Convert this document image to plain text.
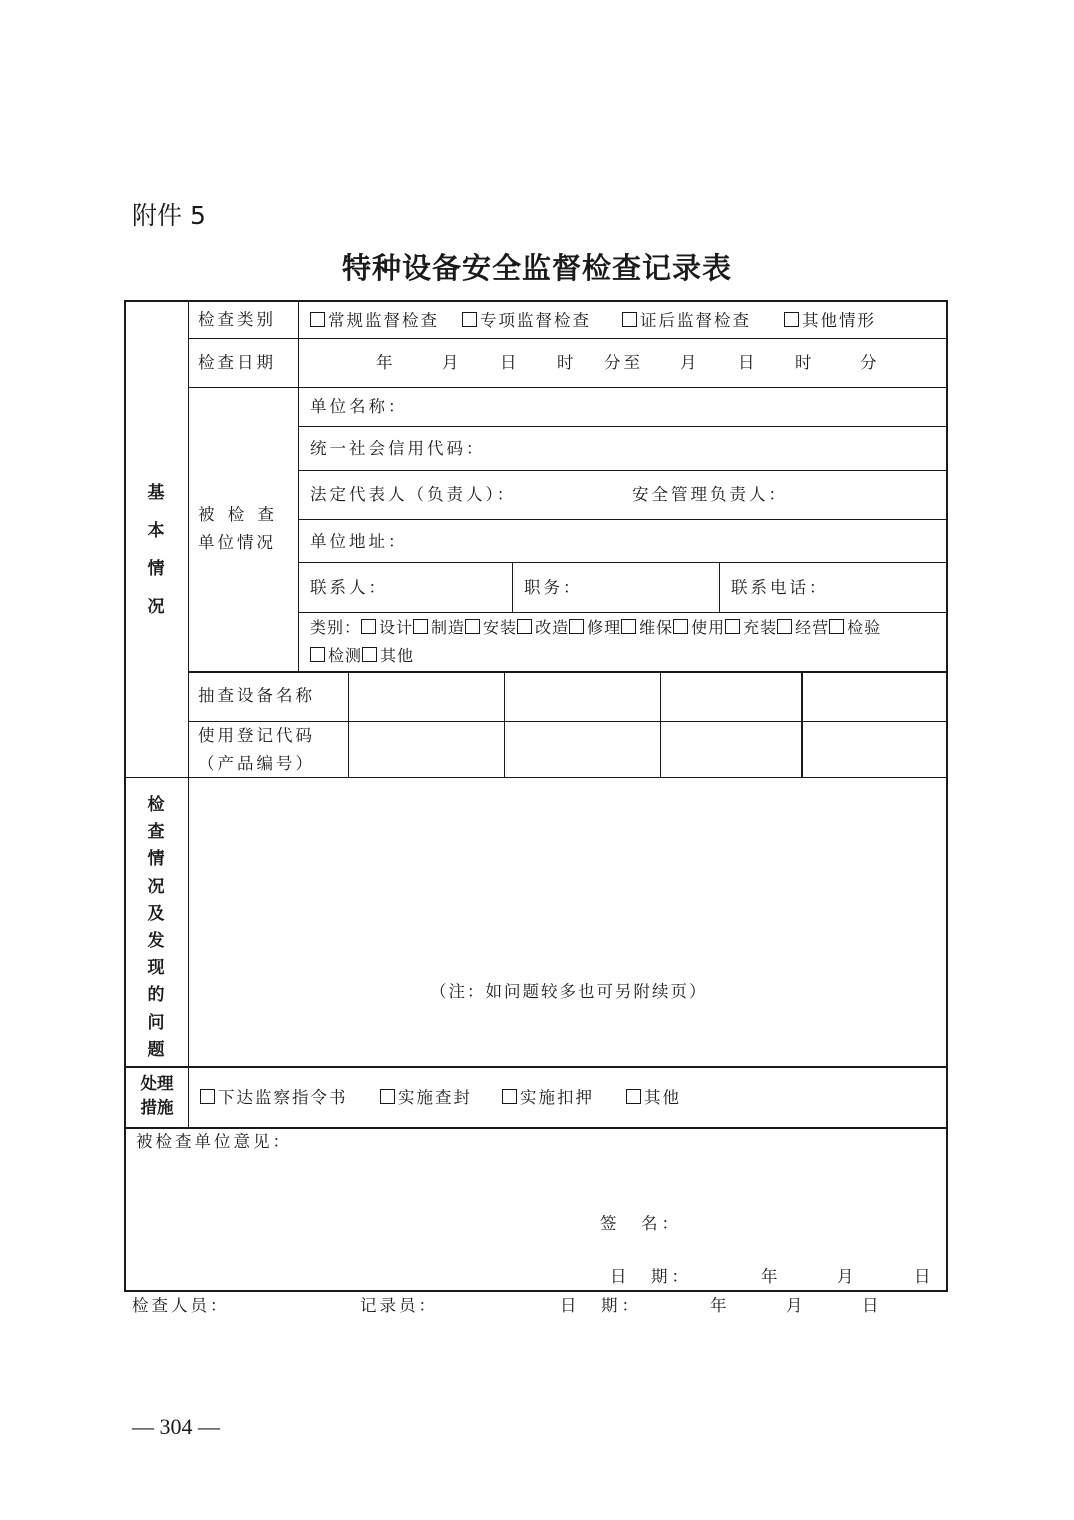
附件 5
特种设备安全监督检查记录表
基
本
情
况
检查类别	常规监督检查	专项监督检查	证后监督检查	其他情形
检查日期	年	月 日 时 分至 月 日 时	分
被 检 查
单位情况
单位名称：
统一社会信用代码：
法定代表人（负责人）：	安全管理负责人：
单位地址：
联系人：	职务：	联系电话：
类别： 设计 制造 安装 改造 修理 维保 使用 充装 经营 检验
检测 其他
抽查设备名称
使用登记代码
（产品编号）
检
查
情
况
及
发
现
的
问
题
（注：如问题较多也可另附续页）
处理
措施
下达监察指令书	实施查封	实施扣押	其他
被检查单位意见：
签　名：
日　期：	年	月	日
检查人员：	记录员：	日　期：	年	月	日
— 304 —
